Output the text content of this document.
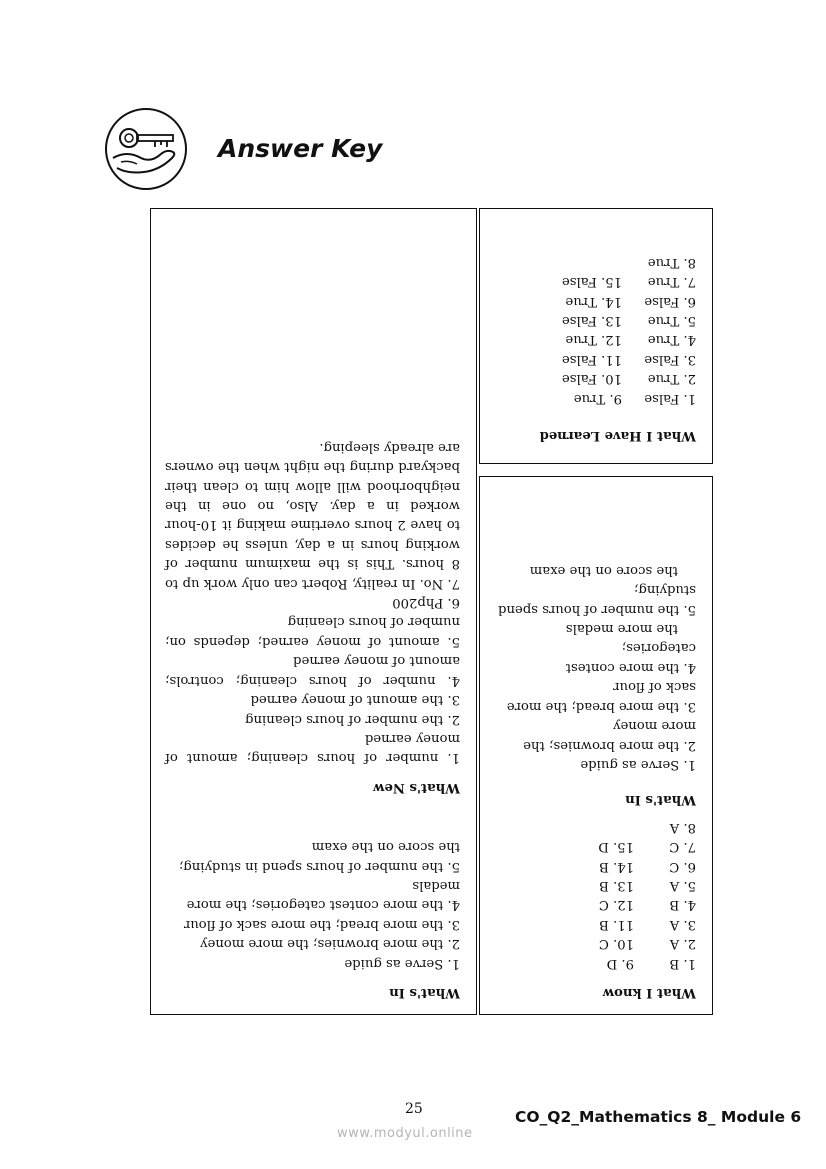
Answer Key
What's In
1. Serve as guide
2. the more brownies; the more money
3. the more bread; the more sack of flour
4. the more contest categories; the more medals
5. the number of hours spend in studying; the score on the exam
What's New
1. number of hours cleaning; amount of money earned
2. the number of hours cleaning
3. the amount of money earned
4. number of hours cleaning; controls; amount of money earned
5. amount of money earned; depends on; number of hours cleaning
6. Php200
7. No. In reality, Robert can only work up to 8 hours. This is the maximum number of working hours in a day, unless he decides to have 2 hours overtime making it 10-hour worked in a day. Also, no one in the neighborhood will allow him to clean their backyard during the night when the owners are already sleeping.
What I know
1. B
9. D
2. A
10. C
3. A
11. B
4. B
12. C
5. A
13. B
6. C
14. B
7. C
15. D
8. A
What's In
1. Serve as guide
2. the more brownies; the more money
3. the more bread; the more sack of flour
4. the more contest categories;
the more medals
5. the number of hours spend studying;
the score on the exam
What I Have Learned
1. False
9. True
2. True
10. False
3. False
11. False
4. True
12. True
5. True
13. False
6. False
14. True
7. True
15. False
8. True
25	CO_Q2_Mathematics 8_ Module 6
www.modyul.online
